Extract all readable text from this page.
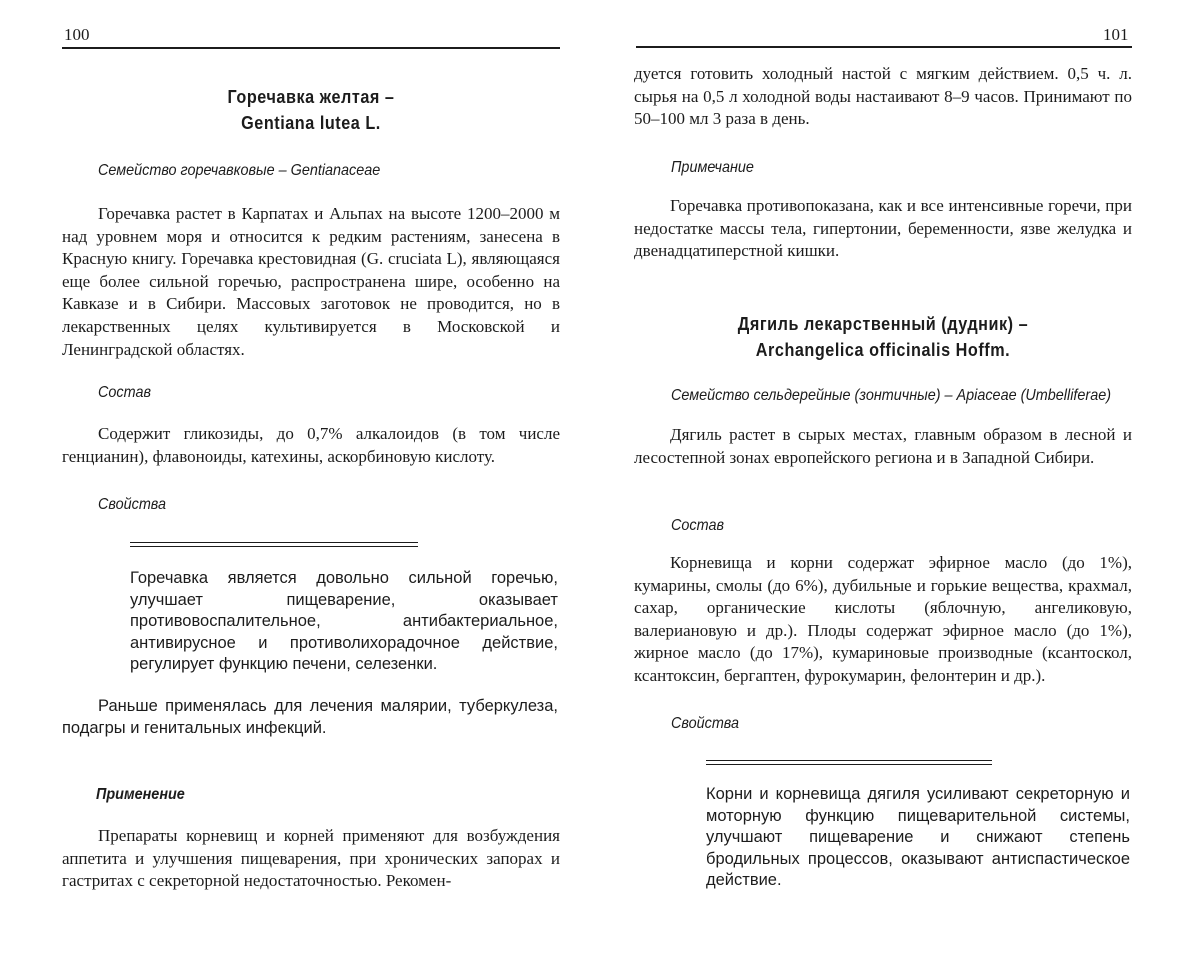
100
Горечавка желтая –
Gentiana lutea L.
Семейство горечавковые – Gentianaceae

Горечавка растет в Карпатах и Альпах на высоте 1200–2000 м над уровнем моря и относится к редким растениям, занесена в Красную книгу. Горечавка крестовидная (G. cruciata L), являющаяся еще более сильной горечью, распространена шире, особенно на Кавказе и в Сибири. Массовых заготовок не проводится, но в лекарственных целях культивируется в Московской и Ленинградской областях.

Состав

Содержит гликозиды, до 0,7% алкалоидов (в том числе генцианин), флавоноиды, катехины, аскорбиновую кислоту.

Свойства

Горечавка является довольно сильной горечью, улучшает пищеварение, оказывает противовоспалительное, антибактериальное, антивирусное и противолихорадочное действие, регулирует функцию печени, селезенки.

Раньше применялась для лечения малярии, туберкулеза, подагры и генитальных инфекций.

Применение

Препараты корневищ и корней применяют для возбуждения аппетита и улучшения пищеварения, при хронических запорах и гастритах с секреторной недостаточностью. Рекомен-

101

дуется готовить холодный настой с мягким действием. 0,5 ч. л. сырья на 0,5 л холодной воды настаивают 8–9 часов. Принимают по 50–100 мл 3 раза в день.

Примечание

Горечавка противопоказана, как и все интенсивные горечи, при недостатке массы тела, гипертонии, беременности, язве желудка и двенадцатиперстной кишки.

Дягиль лекарственный (дудник) –
Archangelica officinalis Hoffm.
Семейство сельдерейные (зонтичные) – Apiaceae (Umbelliferae)

Дягиль растет в сырых местах, главным образом в лесной и лесостепной зонах европейского региона и в Западной Сибири.

Состав

Корневища и корни содержат эфирное масло (до 1%), кумарины, смолы (до 6%), дубильные и горькие вещества, крахмал, сахар, органические кислоты (яблочную, ангеликовую, валериановую и др.). Плоды содержат эфирное масло (до 1%), жирное масло (до 17%), кумариновые производные (ксантоскол, ксантоксин, бергаптен, фурокумарин, фелонтерин и др.).

Свойства

Корни и корневища дягиля усиливают секреторную и моторную функцию пищеварительной системы, улучшают пищеварение и снижают степень бродильных процессов, оказывают антиспастическое действие.
